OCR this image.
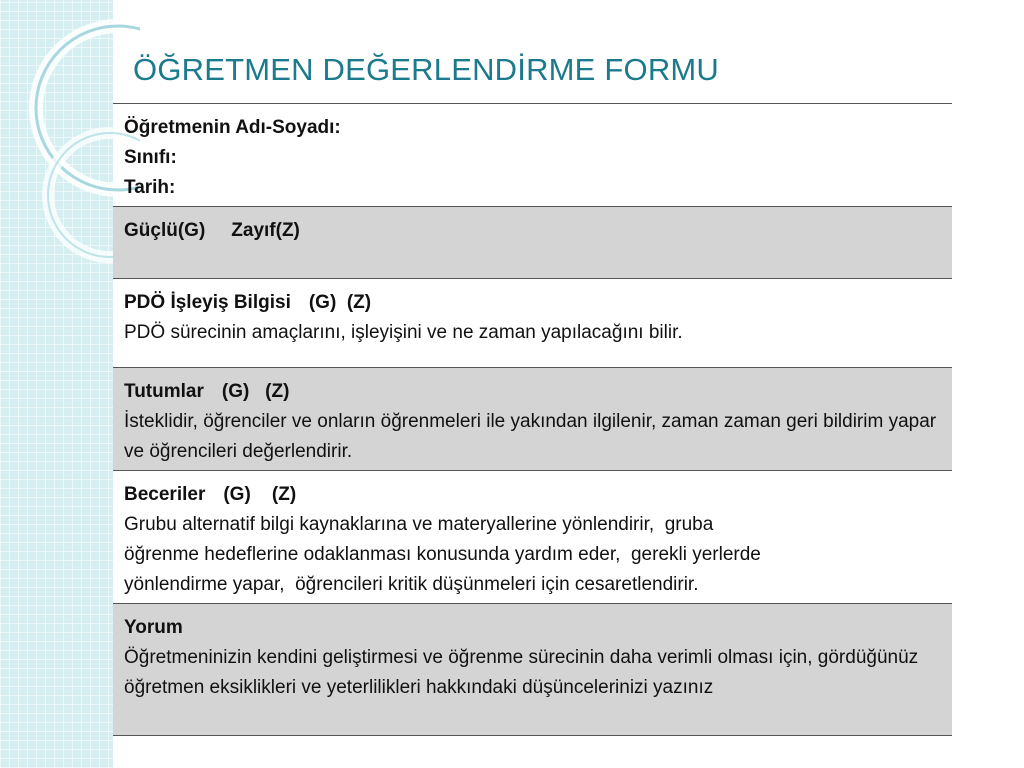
ÖĞRETMEN DEĞERLENDİRME FORMU
Öğretmenin Adı-Soyadı:
Sınıfı:
Tarih:
Güçlü(G) Zayıf(Z)
PDÖ İşleyiş Bilgisi (G)  (Z)
PDÖ sürecinin amaçlarını, işleyişini ve ne zaman yapılacağını bilir.
Tutumlar (G)   (Z)
İsteklidir, öğrenciler ve onların öğrenmeleri ile yakından ilgilenir, zaman zaman geri bildirim yapar ve öğrencileri değerlendirir.
Beceriler (G)    (Z)
Grubu alternatif bilgi kaynaklarına ve materyallerine yönlendirir,  gruba
öğrenme hedeflerine odaklanması konusunda yardım eder,  gerekli yerlerde
yönlendirme yapar,  öğrencileri kritik düşünmeleri için cesaretlendirir.
Yorum
Öğretmeninizin kendini geliştirmesi ve öğrenme sürecinin daha verimli olması için, gördüğünüz öğretmen eksiklikleri ve yeterlilikleri hakkındaki düşüncelerinizi yazınız
